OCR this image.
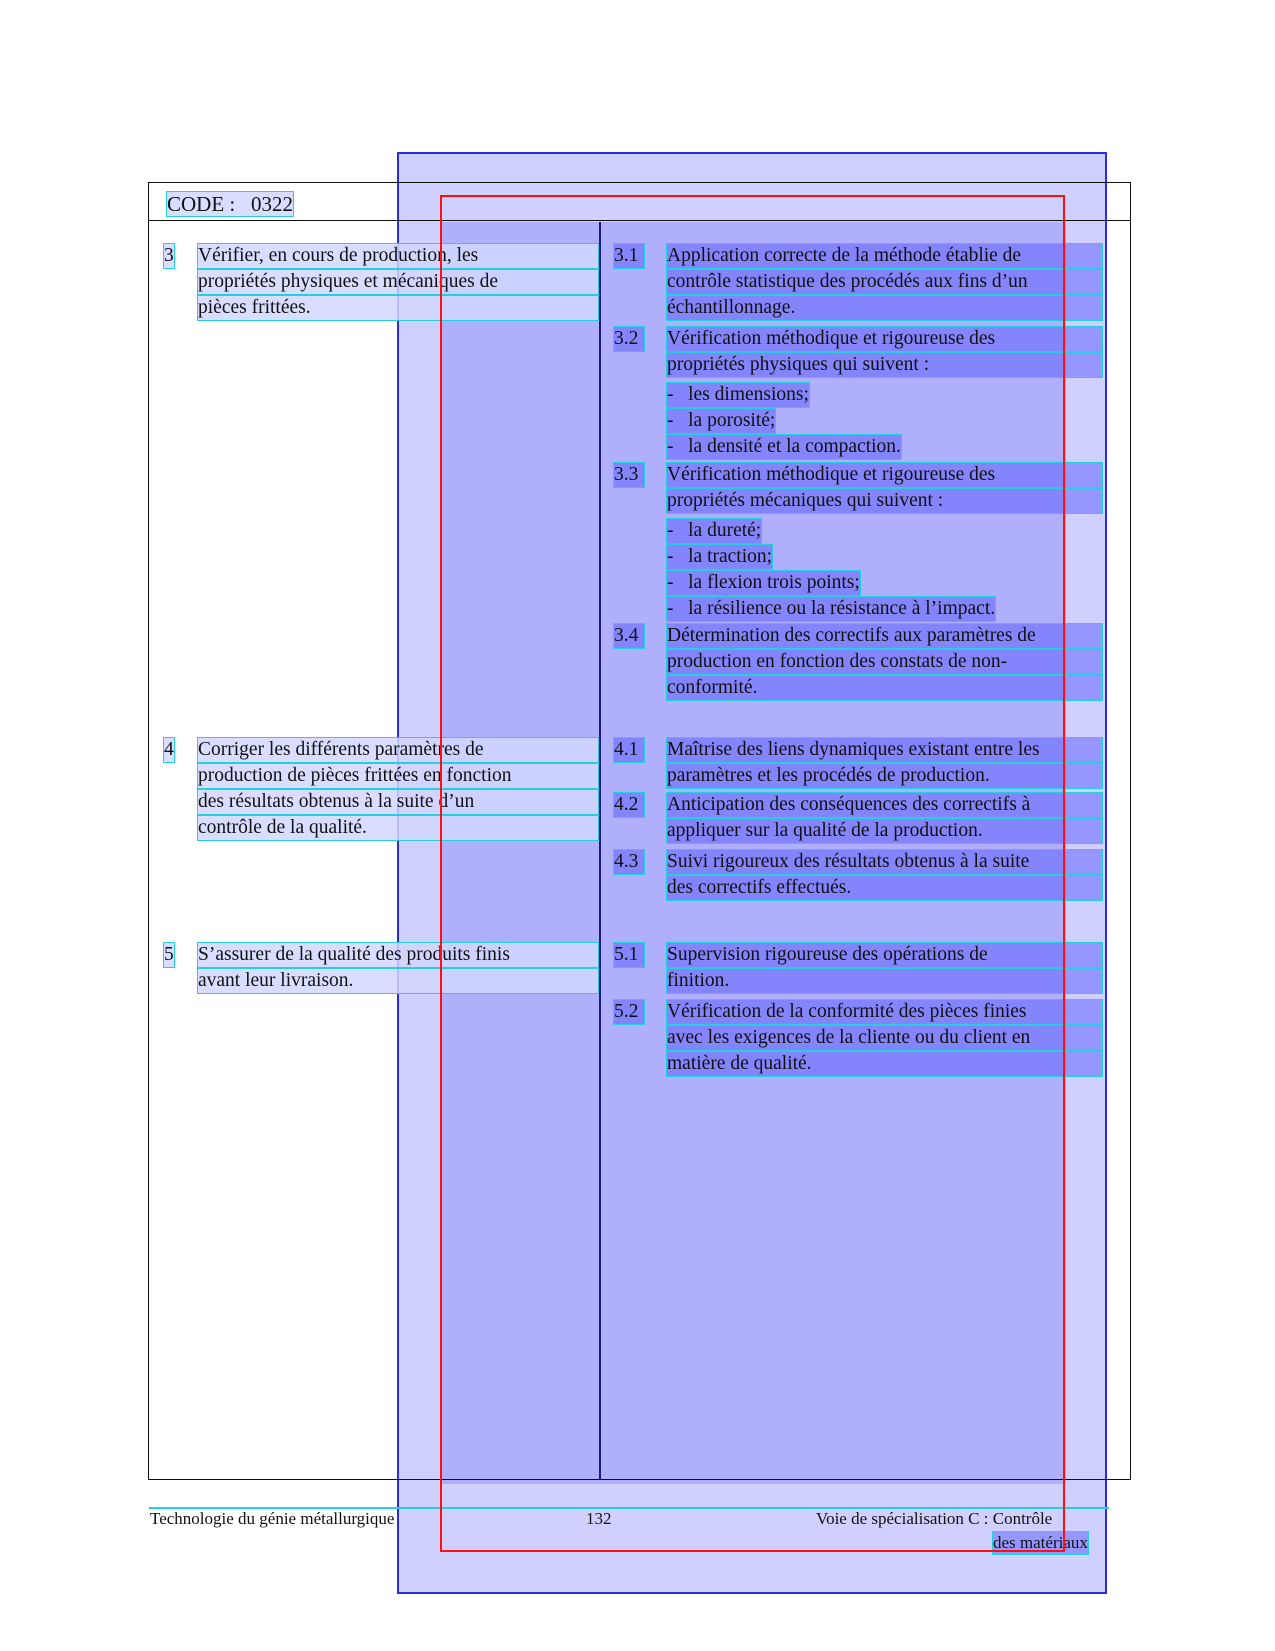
CODE : 0322
3 Vérifier, en cours de production, les
propriétés physiques et mécaniques de
pièces frittées.
4 Corriger les différents paramètres de
production de pièces frittées en fonction
des résultats obtenus à la suite d’un
contrôle de la qualité.
5 S’assurer de la qualité des produits finis
avant leur livraison.
3.1 Application correcte de la méthode établie de
contrôle statistique des procédés aux fins d’un
échantillonnage.
3.2 Vérification méthodique et rigoureuse des
propriétés physiques qui suivent :
- les dimensions;
- la porosité;
- la densité et la compaction.
3.3 Vérification méthodique et rigoureuse des
propriétés mécaniques qui suivent :
- la dureté;
- la traction;
- la flexion trois points;
- la résilience ou la résistance à l’impact.
3.4 Détermination des correctifs aux paramètres de
production en fonction des constats de non-
conformité.
4.1 Maîtrise des liens dynamiques existant entre les
paramètres et les procédés de production.
4.2 Anticipation des conséquences des correctifs à
appliquer sur la qualité de la production.
4.3 Suivi rigoureux des résultats obtenus à la suite
des correctifs effectués.
5.1 Supervision rigoureuse des opérations de
finition.
5.2 Vérification de la conformité des pièces finies
avec les exigences de la cliente ou du client en
matière de qualité.
Technologie du génie métallurgique	132	Voie de spécialisation C : Contrôle
des matériaux
